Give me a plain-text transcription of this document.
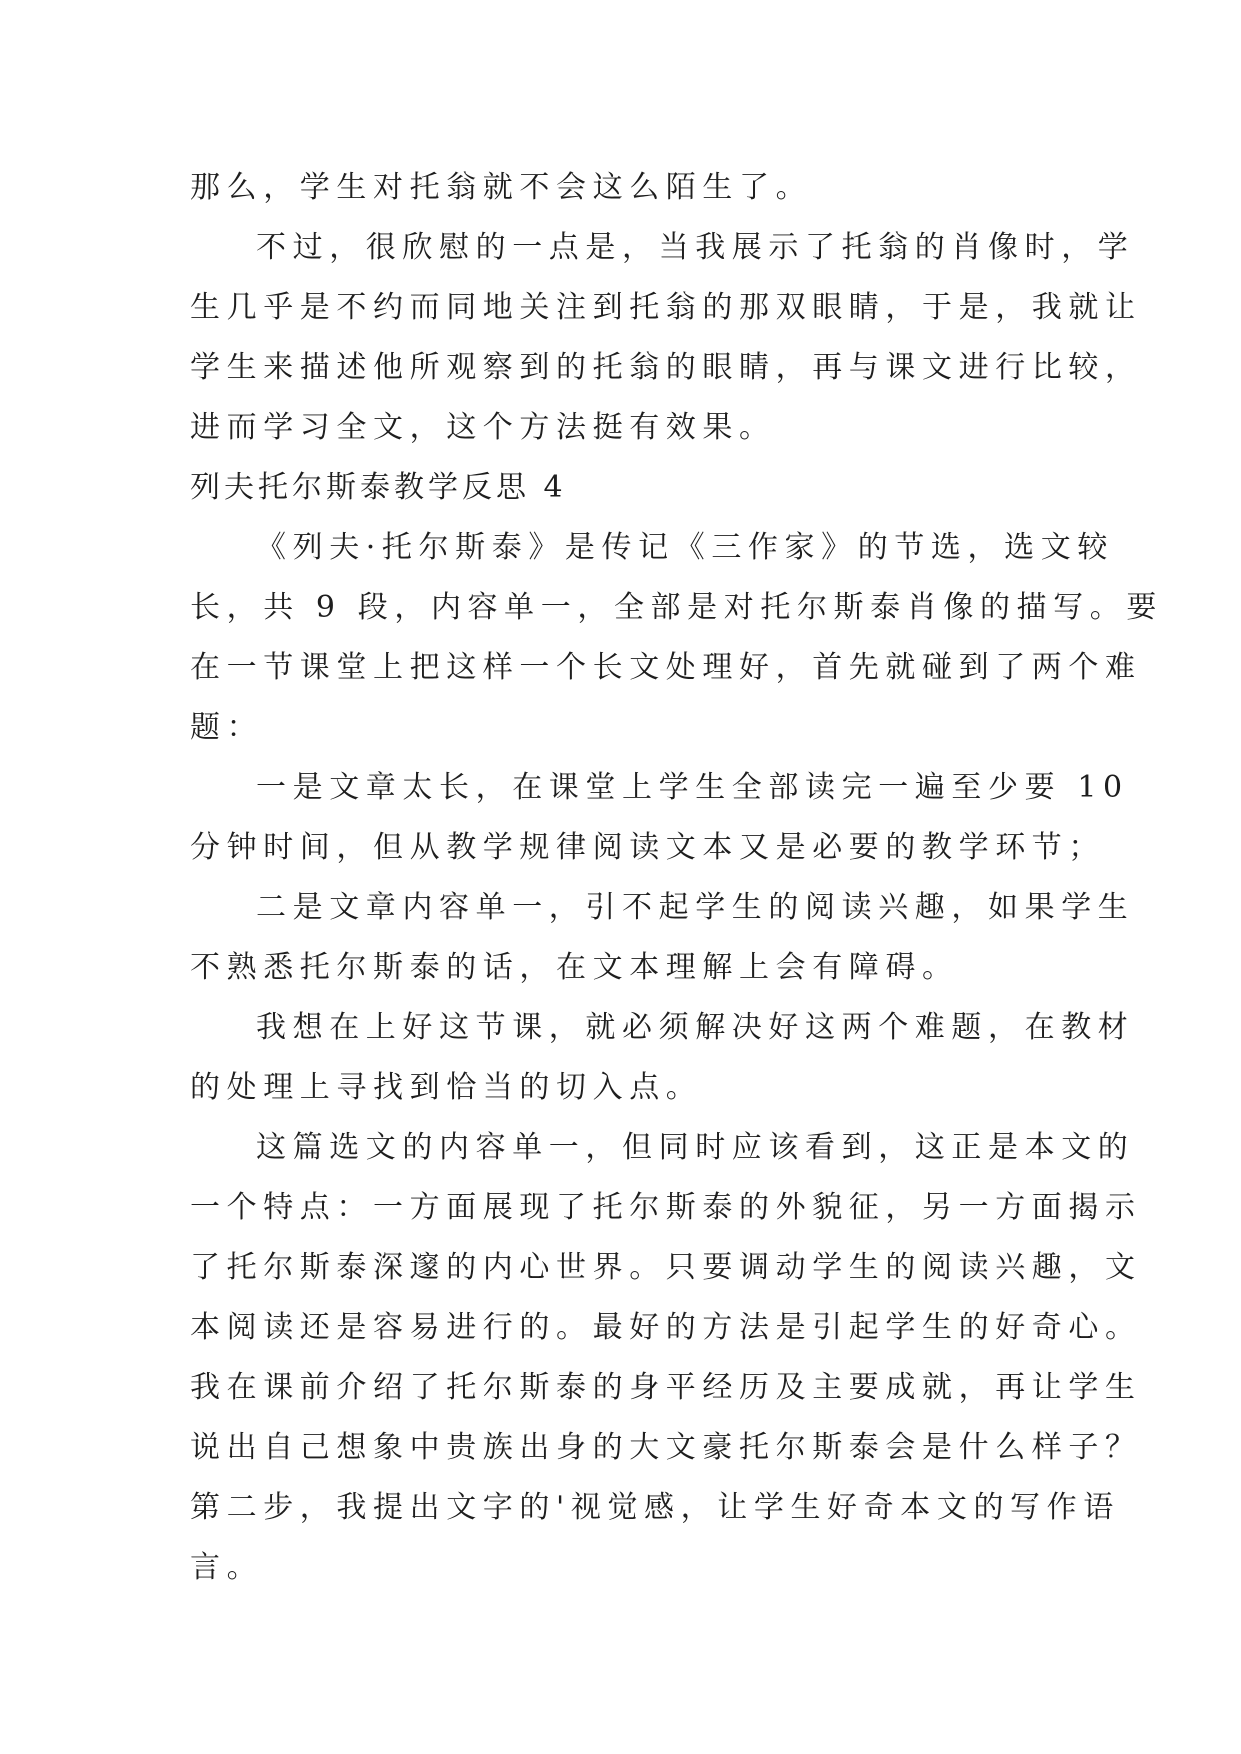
那么，学生对托翁就不会这么陌生了。
不过，很欣慰的一点是，当我展示了托翁的肖像时，学
生几乎是不约而同地关注到托翁的那双眼睛，于是，我就让
学生来描述他所观察到的托翁的眼睛，再与课文进行比较，
进而学习全文，这个方法挺有效果。
列夫托尔斯泰教学反思 4
《列夫·托尔斯泰》是传记《三作家》的节选，选文较
长，共 9 段，内容单一，全部是对托尔斯泰肖像的描写。要
在一节课堂上把这样一个长文处理好，首先就碰到了两个难
题：
一是文章太长，在课堂上学生全部读完一遍至少要 10
分钟时间，但从教学规律阅读文本又是必要的教学环节；
二是文章内容单一，引不起学生的阅读兴趣，如果学生
不熟悉托尔斯泰的话，在文本理解上会有障碍。
我想在上好这节课，就必须解决好这两个难题，在教材
的处理上寻找到恰当的切入点。
这篇选文的内容单一，但同时应该看到，这正是本文的
一个特点：一方面展现了托尔斯泰的外貌征，另一方面揭示
了托尔斯泰深邃的内心世界。只要调动学生的阅读兴趣，文
本阅读还是容易进行的。最好的方法是引起学生的好奇心。
我在课前介绍了托尔斯泰的身平经历及主要成就，再让学生
说出自己想象中贵族出身的大文豪托尔斯泰会是什么样子？
第二步，我提出文字的'视觉感，让学生好奇本文的写作语
言。
